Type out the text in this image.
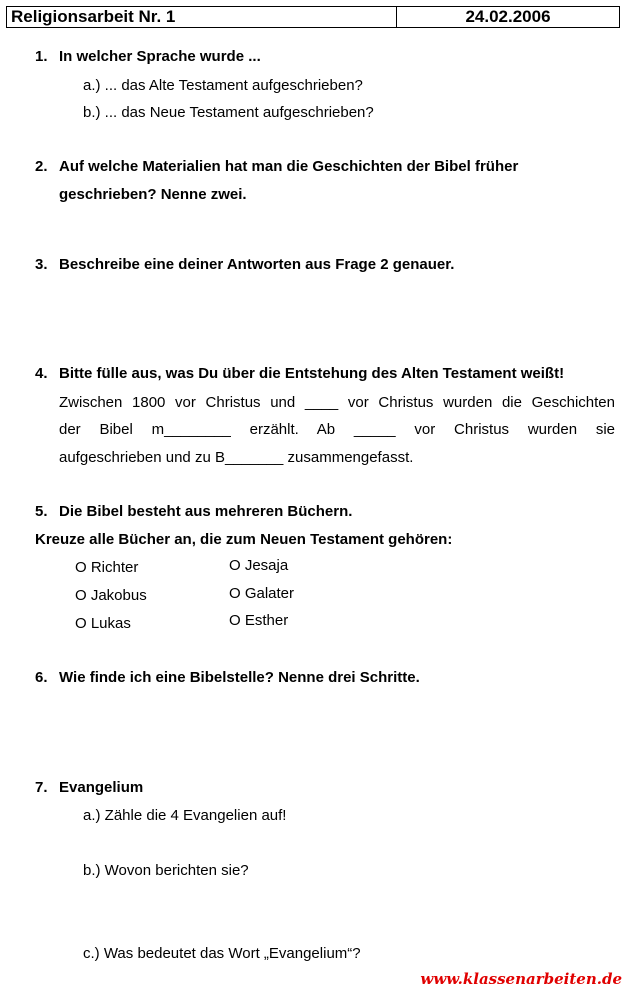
Religionsarbeit Nr. 1	24.02.2006
1. In welcher Sprache wurde ...
a.) ... das Alte Testament aufgeschrieben?
b.) ... das Neue Testament aufgeschrieben?
2. Auf welche Materialien hat man die Geschichten der Bibel früher
geschrieben? Nenne zwei.
3. Beschreibe eine deiner Antworten aus Frage 2 genauer.
4. Bitte fülle aus, was Du über die Entstehung des Alten Testament weißt!
Zwischen 1800 vor Christus und ____ vor Christus wurden die Geschichten
der Bibel m________ erzählt. Ab _____ vor Christus wurden sie
aufgeschrieben und zu B_______ zusammengefasst.
5. Die Bibel besteht aus mehreren Büchern.
Kreuze alle Bücher an, die zum Neuen Testament gehören:
O Richter
O Jakobus
O Lukas
O Jesaja
O Galater
O Esther
6. Wie finde ich eine Bibelstelle? Nenne drei Schritte.
7. Evangelium
a.) Zähle die 4 Evangelien auf!
b.) Wovon berichten sie?
c.) Was bedeutet das Wort „Evangelium“?
www.klassenarbeiten.de
